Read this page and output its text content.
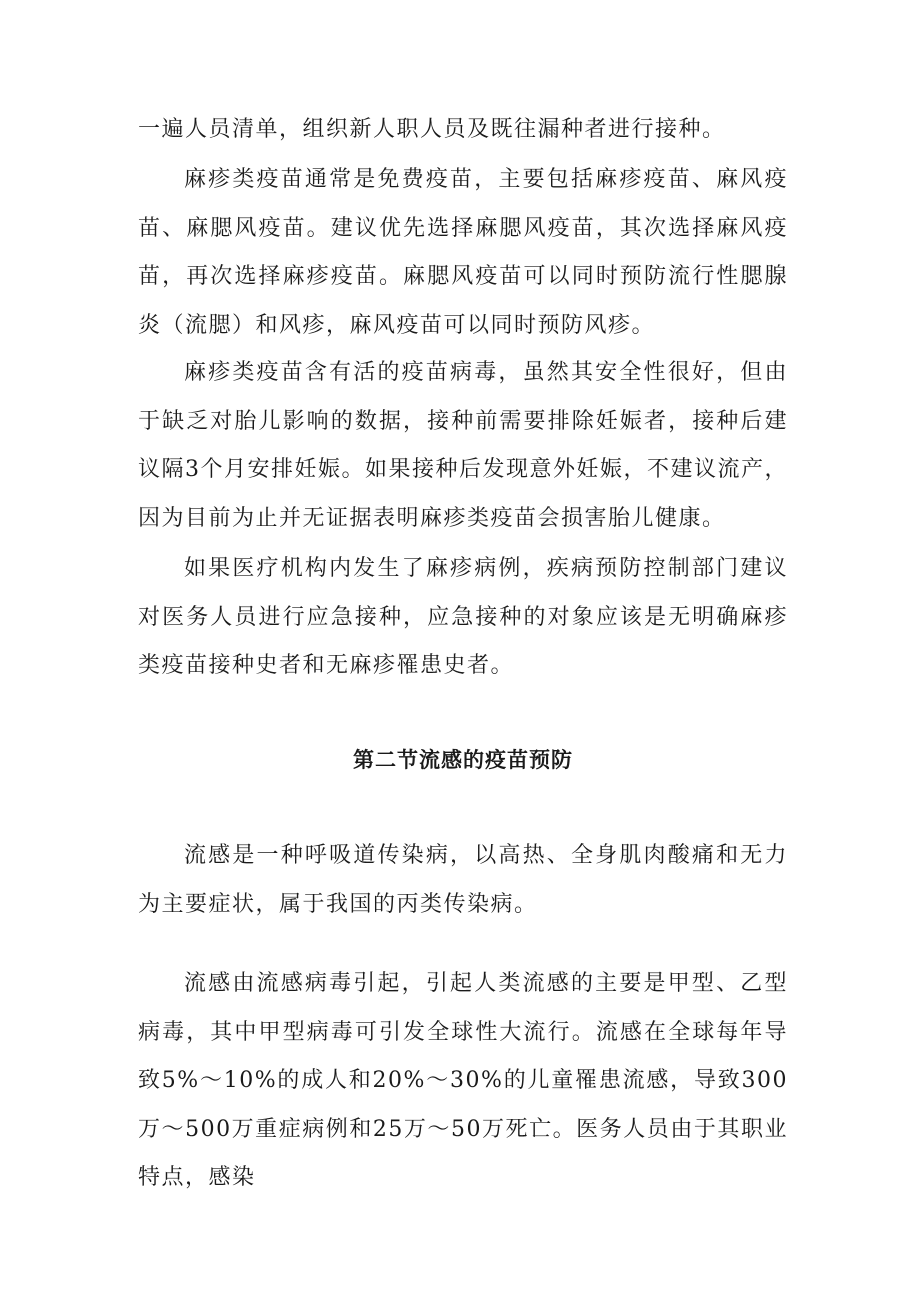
一遍人员清单，组织新人职人员及既往漏种者进行接种。

麻疹类疫苗通常是免费疫苗，主要包括麻疹疫苗、麻风疫苗、麻腮风疫苗。建议优先选择麻腮风疫苗，其次选择麻风疫苗，再次选择麻疹疫苗。麻腮风疫苗可以同时预防流行性腮腺炎（流腮）和风疹，麻风疫苗可以同时预防风疹。

麻疹类疫苗含有活的疫苗病毒，虽然其安全性很好，但由于缺乏对胎儿影响的数据，接种前需要排除妊娠者，接种后建议隔3个月安排妊娠。如果接种后发现意外妊娠，不建议流产，因为目前为止并无证据表明麻疹类疫苗会损害胎儿健康。

如果医疗机构内发生了麻疹病例，疾病预防控制部门建议对医务人员进行应急接种，应急接种的对象应该是无明确麻疹类疫苗接种史者和无麻疹罹患史者。

第二节流感的疫苗预防

流感是一种呼吸道传染病，以高热、全身肌肉酸痛和无力为主要症状，属于我国的丙类传染病。

流感由流感病毒引起，引起人类流感的主要是甲型、乙型病毒，其中甲型病毒可引发全球性大流行。流感在全球每年导致5%～10%的成人和20%～30%的儿童罹患流感，导致300万～500万重症病例和25万～50万死亡。医务人员由于其职业特点，感染
